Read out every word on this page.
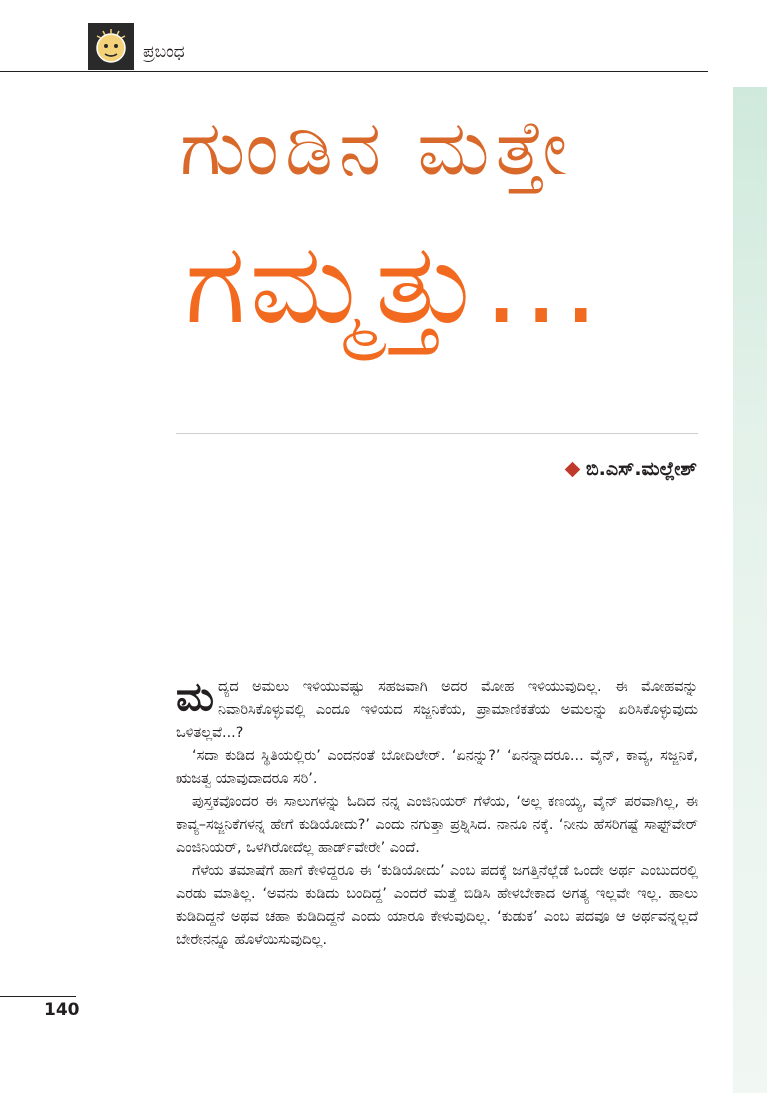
ಪ್ರಬಂಧ
ಗುಂಡಿನ ಮತ್ತೇ
ಗಮ್ಮತ್ತು...
ಬಿ.ಎಸ್.ಮಲ್ಲೇಶ್

ಮದ್ಯದ ಅಮಲು ಇಳಿಯುವಷ್ಟು ಸಹಜವಾಗಿ ಅದರ ಮೋಹ ಇಳಿಯುವುದಿಲ್ಲ. ಈ ಮೋಹವನ್ನು ನಿವಾರಿಸಿಕೊಳ್ಳುವಲ್ಲಿ ಎಂದೂ ಇಳಿಯದ ಸಜ್ಜನಿಕೆಯ, ಪ್ರಾಮಾಣಿಕತೆಯ ಅಮಲನ್ನು ಏರಿಸಿಕೊಳ್ಳುವುದು ಒಳಿತಲ್ಲವೆ...?

‘ಸದಾ ಕುಡಿದ ಸ್ಥಿತಿಯಲ್ಲಿರು’ ಎಂದನಂತೆ ಬೋದಿಲೇರ್. ‘ಏನನ್ನು?’ ‘ಏನನ್ನಾದರೂ... ವೈನ್, ಕಾವ್ಯ, ಸಜ್ಜನಿಕೆ, ಋಜತ್ವ ಯಾವುದಾದರೂ ಸರಿ’.

ಪುಸ್ತಕವೊಂದರ ಈ ಸಾಲುಗಳನ್ನು ಓದಿದ ನನ್ನ ಎಂಜಿನಿಯರ್ ಗೆಳೆಯ, ‘ಅಲ್ಲ ಕಣಯ್ಯ, ವೈನ್ ಪರವಾಗಿಲ್ಲ, ಈ ಕಾವ್ಯ–ಸಜ್ಜನಿಕೆಗಳನ್ನ ಹೇಗೆ ಕುಡಿಯೋದು?’ ಎಂದು ನಗುತ್ತಾ ಪ್ರಶ್ನಿಸಿದ. ನಾನೂ ನಕ್ಕೆ. ‘ನೀನು ಹೆಸರಿಗಷ್ಟೆ ಸಾಫ್ಟ್‌ವೇರ್ ಎಂಜಿನಿಯರ್, ಒಳಗಿರೋದೆಲ್ಲ ಹಾರ್ಡ್‌ವೇರೇ’ ಎಂದೆ.

ಗೆಳೆಯ ತಮಾಷೆಗೆ ಹಾಗೆ ಕೇಳಿದ್ದರೂ ಈ ‘ಕುಡಿಯೋದು’ ಎಂಬ ಪದಕ್ಕೆ ಜಗತ್ತಿನೆಲ್ಲೆಡೆ ಒಂದೇ ಅರ್ಥ ಎಂಬುದರಲ್ಲಿ ಎರಡು ಮಾತಿಲ್ಲ. ‘ಅವನು ಕುಡಿದು ಬಂದಿದ್ದ’ ಎಂದರೆ ಮತ್ತೆ ಬಿಡಿಸಿ ಹೇಳಬೇಕಾದ ಅಗತ್ಯ ಇಲ್ಲವೇ ಇಲ್ಲ. ಹಾಲು ಕುಡಿದಿದ್ದನೆ ಅಥವ ಚಹಾ ಕುಡಿದಿದ್ದನೆ ಎಂದು ಯಾರೂ ಕೇಳುವುದಿಲ್ಲ. ‘ಕುಡುಕ’ ಎಂಬ ಪದವೂ ಆ ಅರ್ಥವನ್ನಲ್ಲದೆ ಬೇರೇನನ್ನೂ ಹೊಳೆಯಿಸುವುದಿಲ್ಲ.

140
